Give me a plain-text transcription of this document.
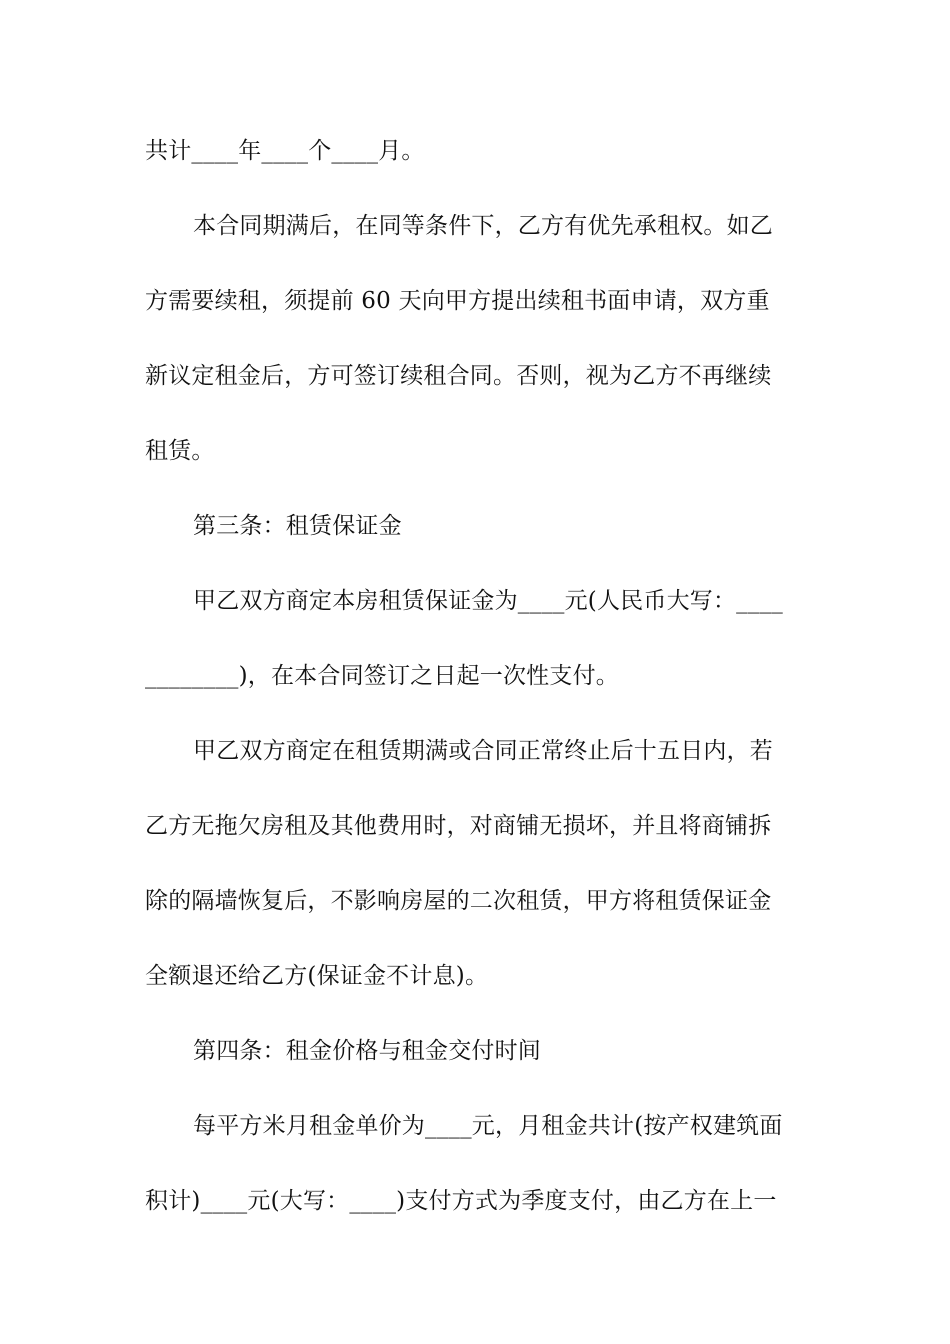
共计____年____个____月。
本合同期满后，在同等条件下，乙方有优先承租权。如乙
方需要续租，须提前 60 天向甲方提出续租书面申请，双方重
新议定租金后，方可签订续租合同。否则，视为乙方不再继续
租赁。
第三条：租赁保证金
甲乙双方商定本房租赁保证金为____元(人民币大写：____
________)，在本合同签订之日起一次性支付。
甲乙双方商定在租赁期满或合同正常终止后十五日内，若
乙方无拖欠房租及其他费用时，对商铺无损坏，并且将商铺拆
除的隔墙恢复后，不影响房屋的二次租赁，甲方将租赁保证金
全额退还给乙方(保证金不计息)。
第四条：租金价格与租金交付时间
每平方米月租金单价为____元，月租金共计(按产权建筑面
积计)____元(大写：____)支付方式为季度支付，由乙方在上一
